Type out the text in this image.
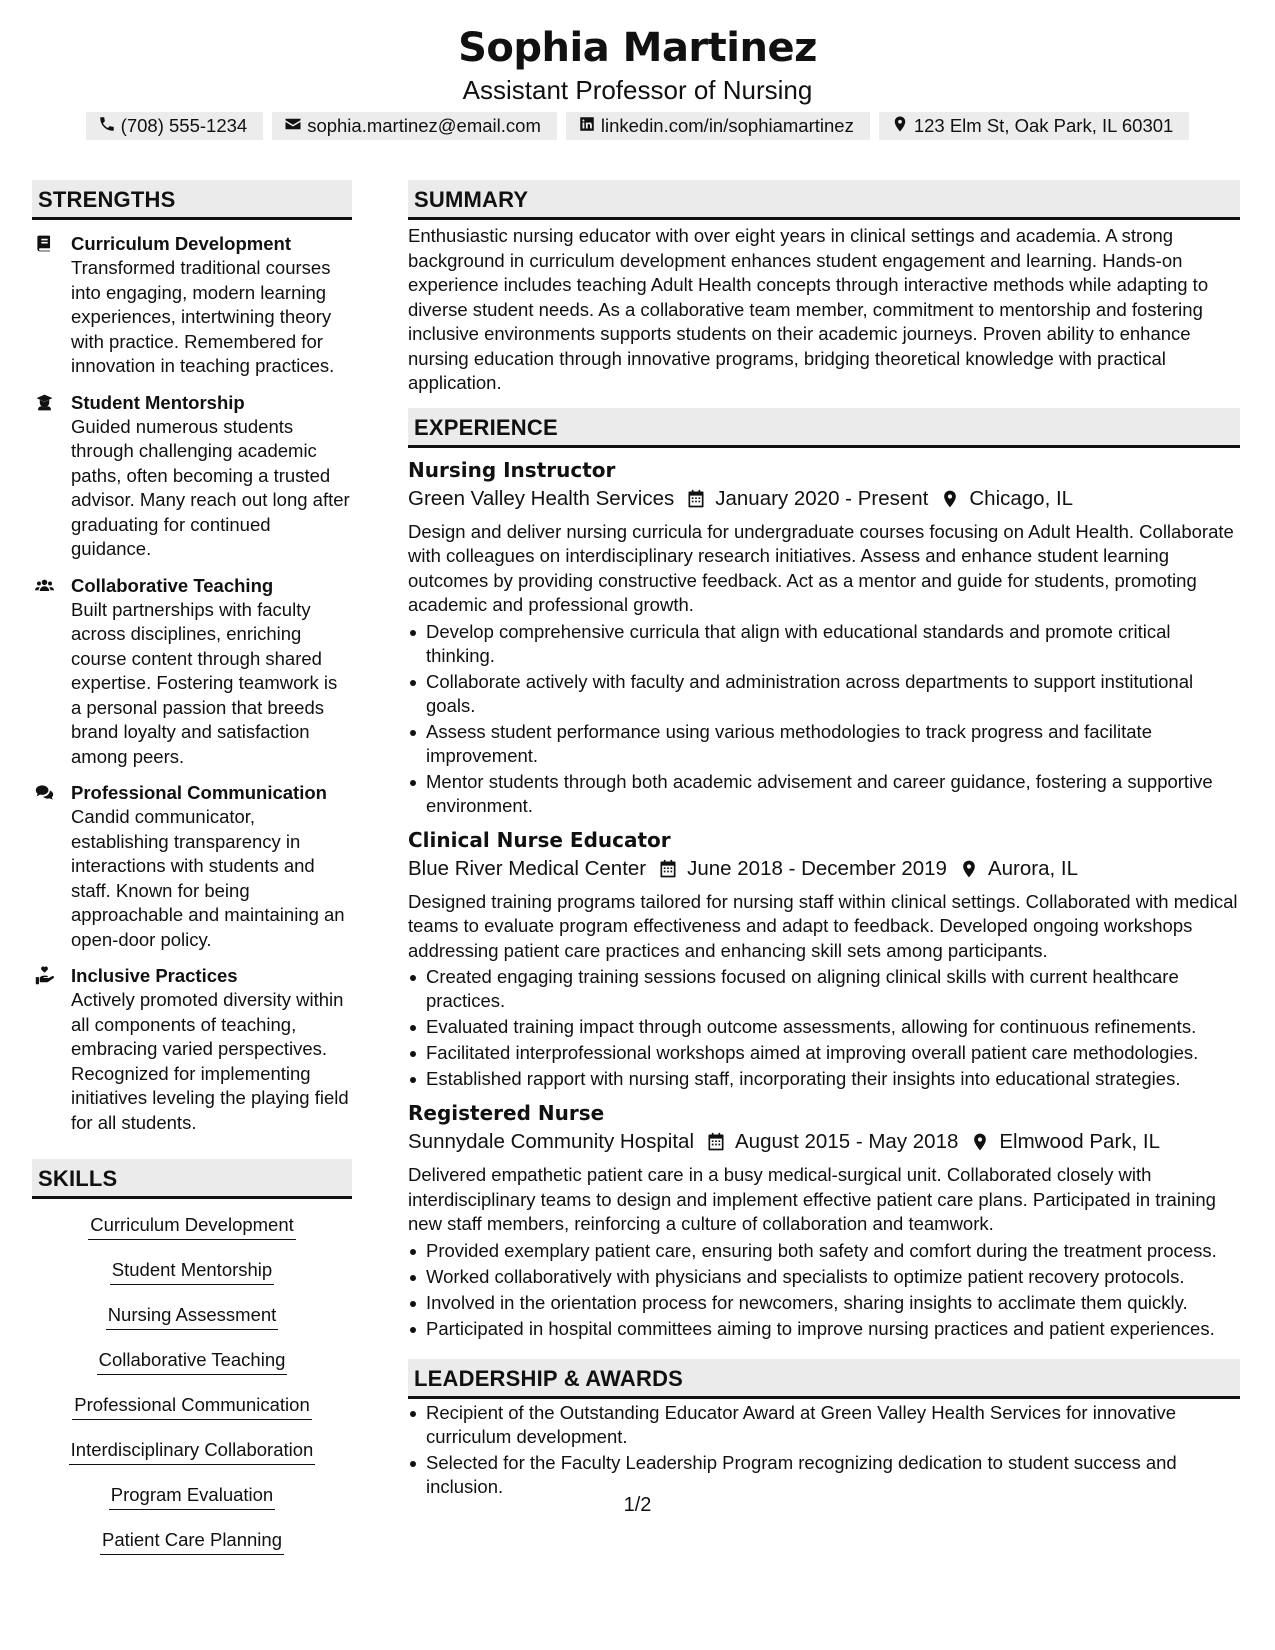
Sophia Martinez
Assistant Professor of Nursing
(708) 555-1234	sophia.martinez@email.com	linkedin.com/in/sophiamartinez	123 Elm St, Oak Park, IL 60301
STRENGTHS
Curriculum Development
Transformed traditional courses into engaging, modern learning experiences, intertwining theory with practice. Remembered for innovation in teaching practices.
Student Mentorship
Guided numerous students through challenging academic paths, often becoming a trusted advisor. Many reach out long after graduating for continued guidance.
Collaborative Teaching
Built partnerships with faculty across disciplines, enriching course content through shared expertise. Fostering teamwork is a personal passion that breeds brand loyalty and satisfaction among peers.
Professional Communication
Candid communicator, establishing transparency in interactions with students and staff. Known for being approachable and maintaining an open-door policy.
Inclusive Practices
Actively promoted diversity within all components of teaching, embracing varied perspectives. Recognized for implementing initiatives leveling the playing field for all students.
SKILLS
Curriculum Development
Student Mentorship
Nursing Assessment
Collaborative Teaching
Professional Communication
Interdisciplinary Collaboration
Program Evaluation
Patient Care Planning
SUMMARY
Enthusiastic nursing educator with over eight years in clinical settings and academia. A strong background in curriculum development enhances student engagement and learning. Hands-on experience includes teaching Adult Health concepts through interactive methods while adapting to diverse student needs. As a collaborative team member, commitment to mentorship and fostering inclusive environments supports students on their academic journeys. Proven ability to enhance nursing education through innovative programs, bridging theoretical knowledge with practical application.
EXPERIENCE
Nursing Instructor
Green Valley Health Services January 2020 - Present Chicago, IL
Design and deliver nursing curricula for undergraduate courses focusing on Adult Health. Collaborate with colleagues on interdisciplinary research initiatives. Assess and enhance student learning outcomes by providing constructive feedback. Act as a mentor and guide for students, promoting academic and professional growth.
Develop comprehensive curricula that align with educational standards and promote critical thinking.
Collaborate actively with faculty and administration across departments to support institutional goals.
Assess student performance using various methodologies to track progress and facilitate improvement.
Mentor students through both academic advisement and career guidance, fostering a supportive environment.
Clinical Nurse Educator
Blue River Medical Center June 2018 - December 2019 Aurora, IL
Designed training programs tailored for nursing staff within clinical settings. Collaborated with medical teams to evaluate program effectiveness and adapt to feedback. Developed ongoing workshops addressing patient care practices and enhancing skill sets among participants.
Created engaging training sessions focused on aligning clinical skills with current healthcare practices.
Evaluated training impact through outcome assessments, allowing for continuous refinements.
Facilitated interprofessional workshops aimed at improving overall patient care methodologies.
Established rapport with nursing staff, incorporating their insights into educational strategies.
Registered Nurse
Sunnydale Community Hospital August 2015 - May 2018 Elmwood Park, IL
Delivered empathetic patient care in a busy medical-surgical unit. Collaborated closely with interdisciplinary teams to design and implement effective patient care plans. Participated in training new staff members, reinforcing a culture of collaboration and teamwork.
Provided exemplary patient care, ensuring both safety and comfort during the treatment process.
Worked collaboratively with physicians and specialists to optimize patient recovery protocols.
Involved in the orientation process for newcomers, sharing insights to acclimate them quickly.
Participated in hospital committees aiming to improve nursing practices and patient experiences.
LEADERSHIP & AWARDS
Recipient of the Outstanding Educator Award at Green Valley Health Services for innovative curriculum development.
Selected for the Faculty Leadership Program recognizing dedication to student success and inclusion.
1/2
